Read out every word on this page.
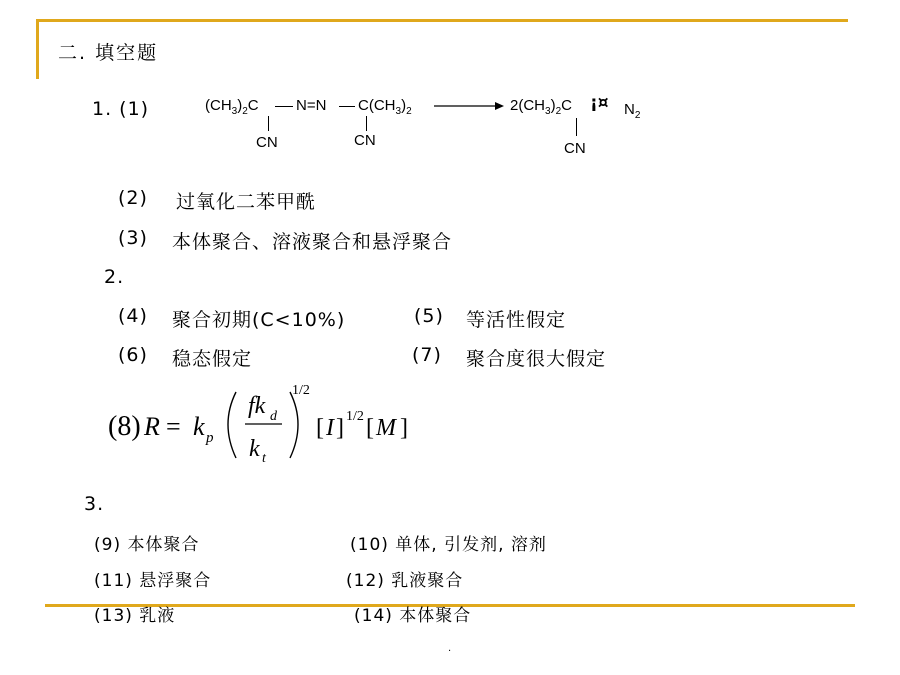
二. 填空题
1. (1)	$(CH_3)_2C$ N=N $C(CH_3)_2$
CN	CN
$2(CH_3)_2C$ ¡¤ $N_2$
CN
(2) 过氧化二苯甲酰
(3) 本体聚合、溶液聚合和悬浮聚合
2.
(4) 聚合初期(C<10%)	(5) 等活性假定
(6) 稳态假定	(7) 聚合度很大假定
(8) R = k p
fk d
k t
1/2
[ I ] 1/2 [ M ]
3.
(9) 本体聚合	(10) 单体, 引发剂, 溶剂
(11) 悬浮聚合	(12) 乳液聚合
(13) 乳液	(14) 本体聚合
.
